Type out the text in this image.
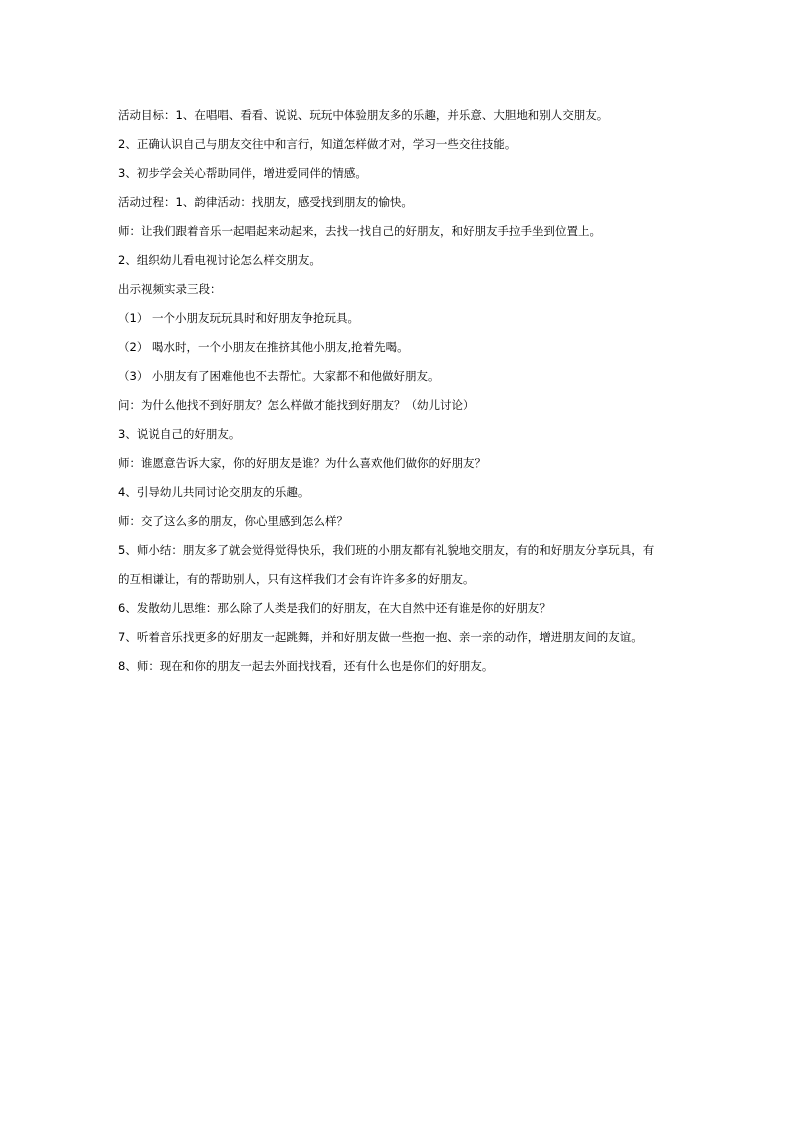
活动目标：1、在唱唱、看看、说说、玩玩中体验朋友多的乐趣，并乐意、大胆地和别人交朋友。

2、正确认识自己与朋友交往中和言行，知道怎样做才对，学习一些交往技能。

3、初步学会关心帮助同伴，增进爱同伴的情感。

活动过程：1、韵律活动：找朋友，感受找到朋友的愉快。

师：让我们跟着音乐一起唱起来动起来，去找一找自己的好朋友，和好朋友手拉手坐到位置上。

2、组织幼儿看电视讨论怎么样交朋友。

出示视频实录三段：

（1） 一个小朋友玩玩具时和好朋友争抢玩具。

（2） 喝水时，一个小朋友在推挤其他小朋友,抢着先喝。

（3） 小朋友有了困难他也不去帮忙。大家都不和他做好朋友。

问：为什么他找不到好朋友？怎么样做才能找到好朋友？（幼儿讨论）

3、说说自己的好朋友。

师：谁愿意告诉大家，你的好朋友是谁？为什么喜欢他们做你的好朋友？

4、引导幼儿共同讨论交朋友的乐趣。

师：交了这么多的朋友，你心里感到怎么样？

5、师小结：朋友多了就会觉得觉得快乐，我们班的小朋友都有礼貌地交朋友，有的和好朋友分享玩具，有

的互相谦让，有的帮助别人，只有这样我们才会有许许多多的好朋友。

6、发散幼儿思维：那么除了人类是我们的好朋友，在大自然中还有谁是你的好朋友？

7、听着音乐找更多的好朋友一起跳舞，并和好朋友做一些抱一抱、亲一亲的动作，增进朋友间的友谊。

8、师：现在和你的朋友一起去外面找找看，还有什么也是你们的好朋友。
